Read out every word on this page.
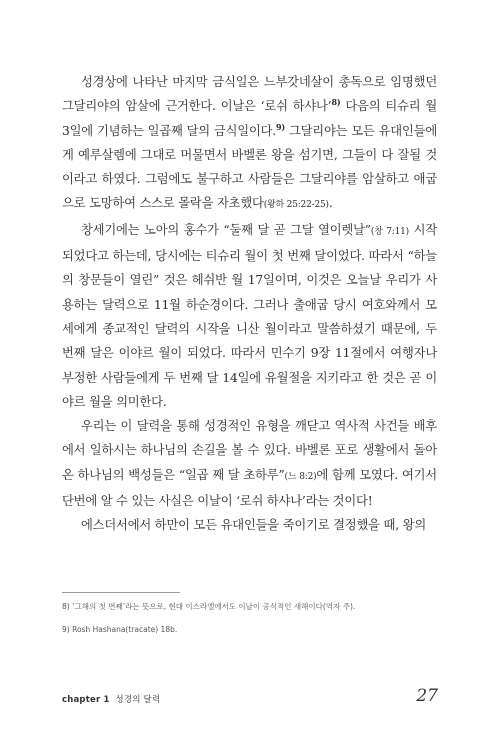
성경상에 나타난 마지막 금식일은 느부갓네살이 총독으로 임명했던 그달리야의 암살에 근거한다. 이날은 ‘로쉬 하샤나’$^{8)}$ 다음의 티슈리 월 3일에 기념하는 일곱째 달의 금식일이다.$^{9)}$ 그달리야는 모든 유대인들에게 예루살렘에 그대로 머물면서 바벨론 왕을 섬기면, 그들이 다 잘될 것이라고 하였다. 그럼에도 불구하고 사람들은 그달리야를 암살하고 애굽으로 도망하여 스스로 몰락을 자초했다(왕하 25:22-25).

창세기에는 노아의 홍수가 “둘째 달 곧 그달 열이렛날”(창 7:11) 시작되었다고 하는데, 당시에는 티슈리 월이 첫 번째 달이었다. 따라서 “하늘의 창문들이 열린” 것은 헤쉬반 월 17일이며, 이것은 오늘날 우리가 사용하는 달력으로 11월 하순경이다. 그러나 출애굽 당시 여호와께서 모세에게 종교적인 달력의 시작을 니산 월이라고 말씀하셨기 때문에, 두 번째 달은 이야르 월이 되었다. 따라서 민수기 9장 11절에서 여행자나 부정한 사람들에게 두 번째 달 14일에 유월절을 지키라고 한 것은 곧 이야르 월을 의미한다.

우리는 이 달력을 통해 성경적인 유형을 깨닫고 역사적 사건들 배후에서 일하시는 하나님의 손길을 볼 수 있다. 바벨론 포로 생활에서 돌아온 하나님의 백성들은 “일곱 째 달 초하루”(느 8:2)에 함께 모였다. 여기서 단번에 알 수 있는 사실은 이날이 ‘로쉬 하샤나’라는 것이다!

에스더서에서 하만이 모든 유대인들을 죽이기로 결정했을 때, 왕의

8) ‘그해의 첫 번째’라는 뜻으로, 현대 이스라엘에서도 이날이 공식적인 새해이다(역자 주).

9) Rosh Hashana(tracate) 18b.

chapter 1 성경의 달력	27
